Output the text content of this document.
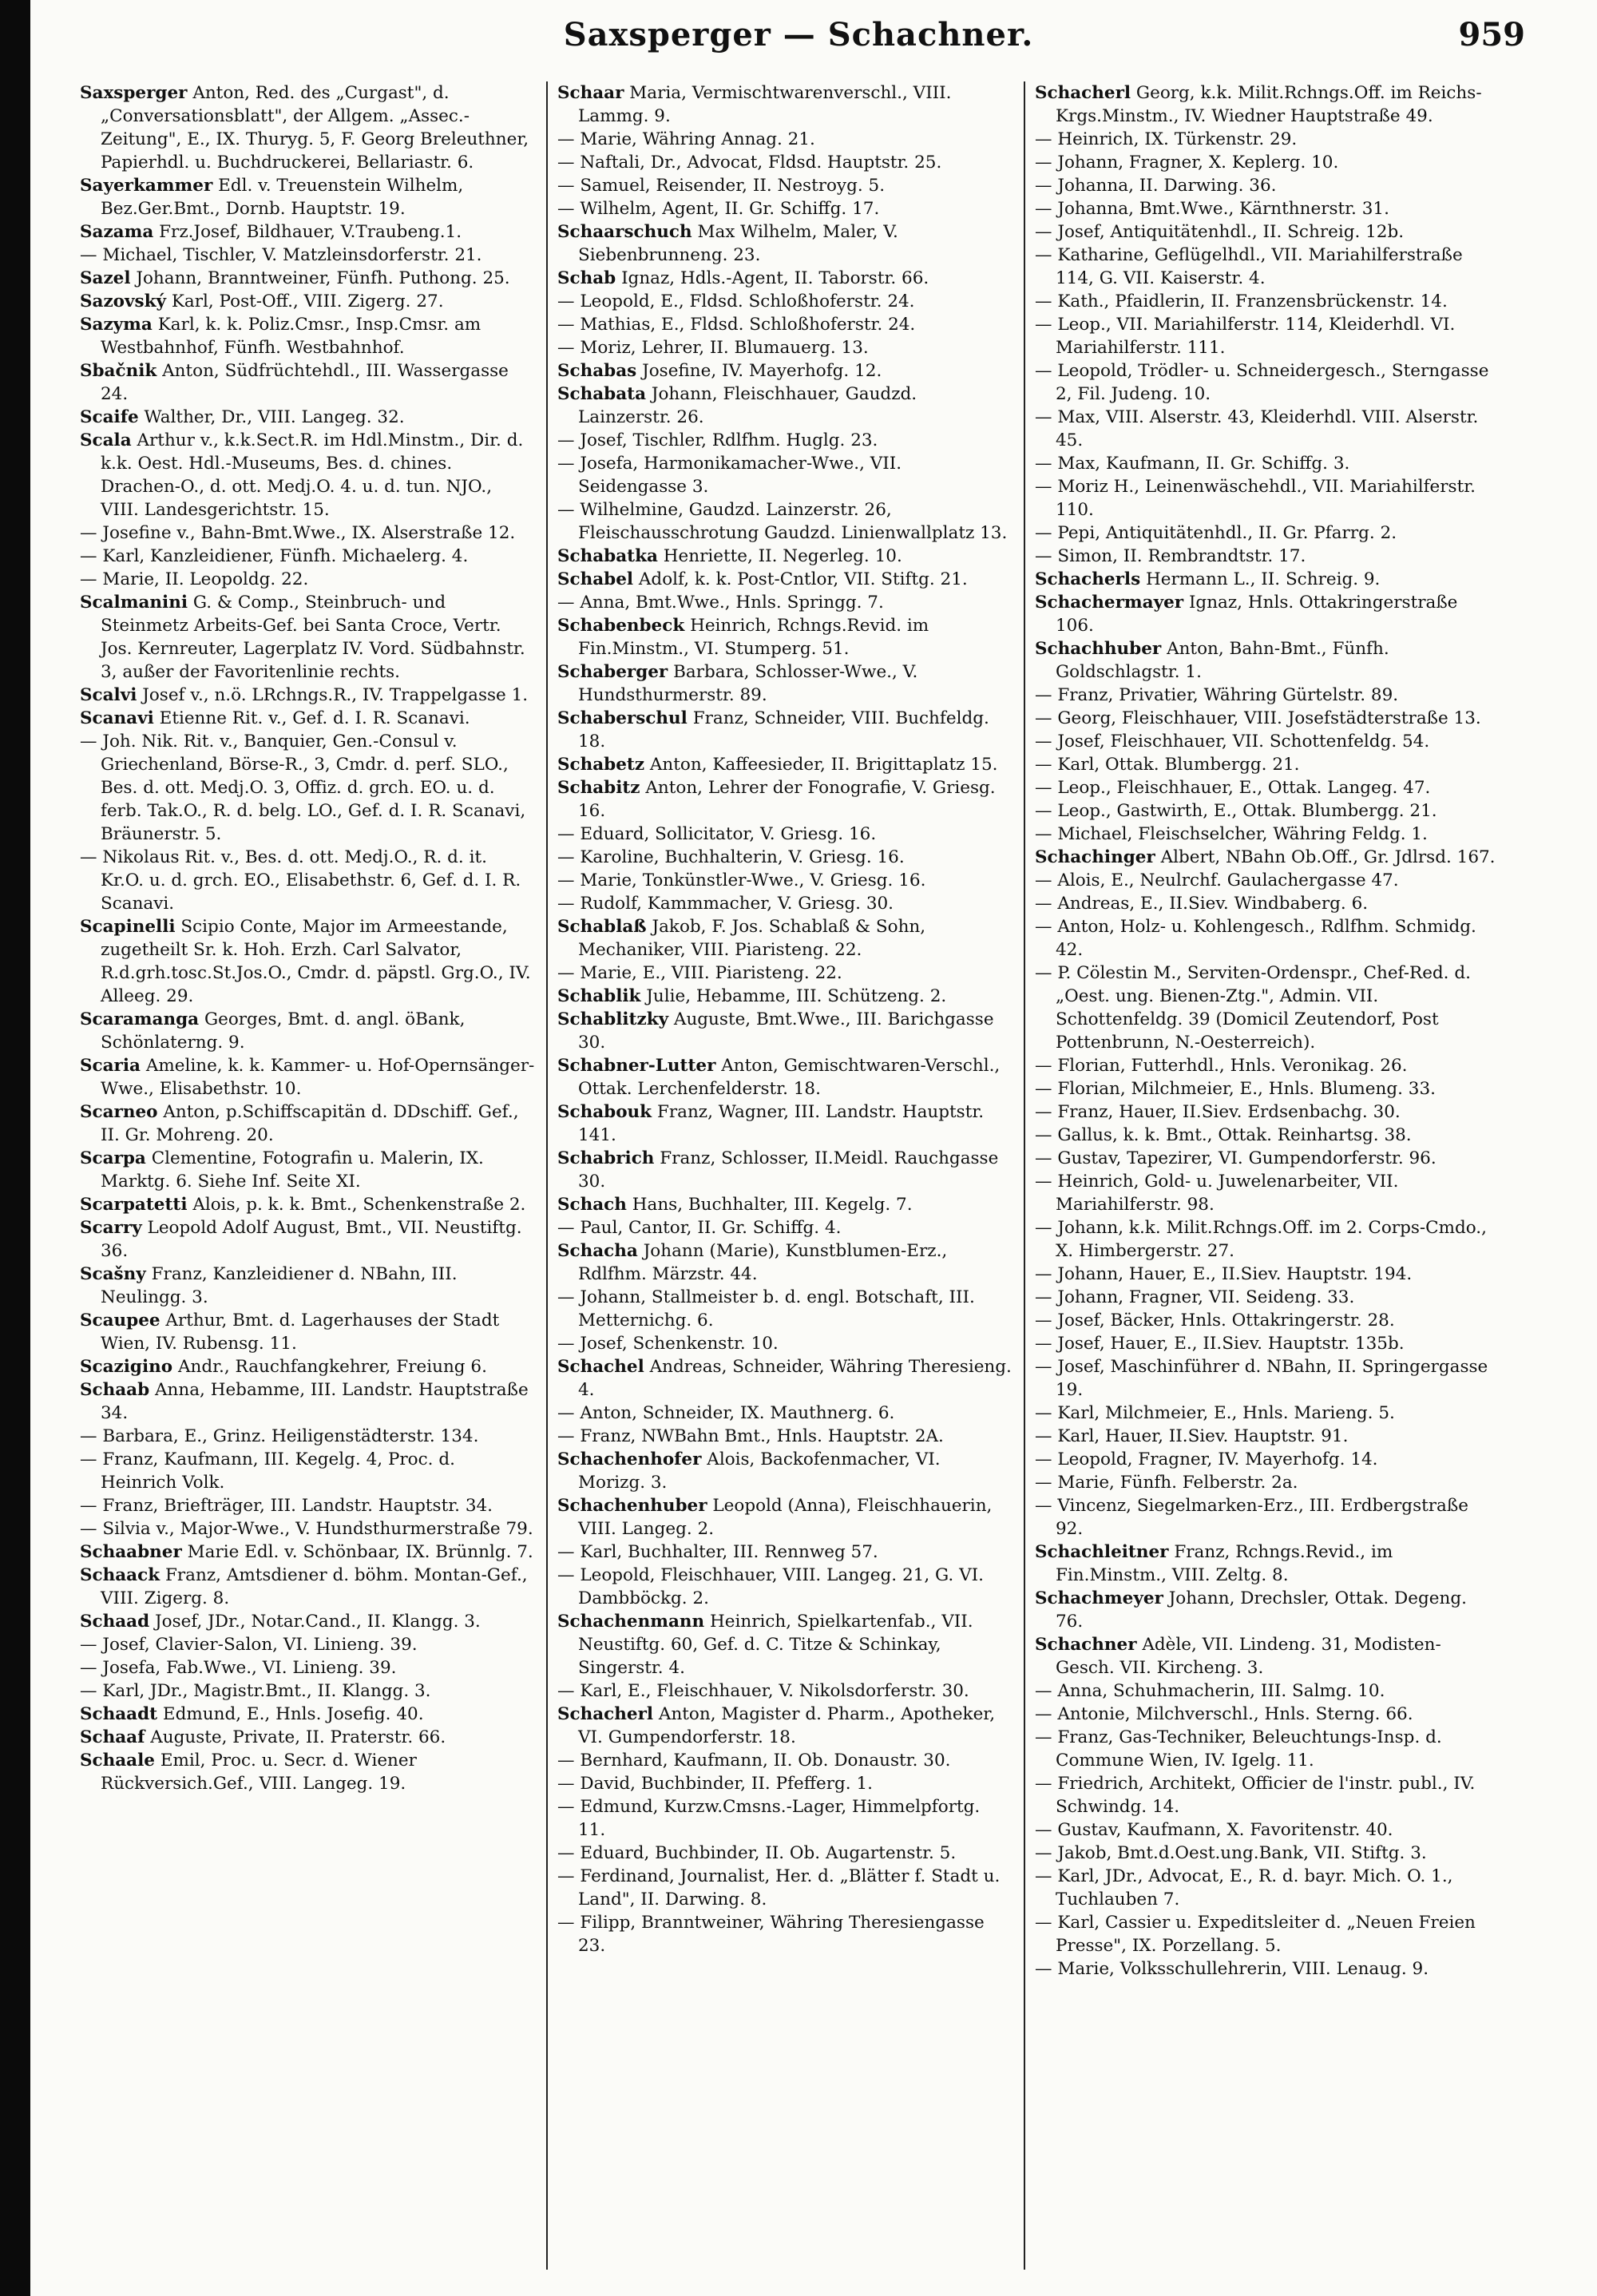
Saxsperger — Schachner.	959

Saxsperger Anton, Red. des „Curgast", d. „Conversationsblatt", der Allgem. „Assec.-Zeitung", E., IX. Thuryg. 5, F. Georg Breleuthner, Papierhdl. u. Buchdruckerei, Bellariastr. 6.

Sayerkammer Edl. v. Treuenstein Wilhelm, Bez.Ger.Bmt., Dornb. Hauptstr. 19.

Sazama Frz.Josef, Bildhauer, V.Traubeng.1.

— Michael, Tischler, V. Matzleinsdorferstr. 21.

Sazel Johann, Branntweiner, Fünfh. Puthong. 25.

Sazovský Karl, Post-Off., VIII. Zigerg. 27.

Sazyma Karl, k. k. Poliz.Cmsr., Insp.Cmsr. am Westbahnhof, Fünfh. Westbahnhof.

Sbačnik Anton, Südfrüchtehdl., III. Wassergasse 24.

Scaife Walther, Dr., VIII. Langeg. 32.

Scala Arthur v., k.k.Sect.R. im Hdl.Minstm., Dir. d. k.k. Oest. Hdl.-Museums, Bes. d. chines. Drachen-O., d. ott. Medj.O. 4. u. d. tun. NJO., VIII. Landesgerichtstr. 15.

— Josefine v., Bahn-Bmt.Wwe., IX. Alserstraße 12.

— Karl, Kanzleidiener, Fünfh. Michaelerg. 4.

— Marie, II. Leopoldg. 22.

Scalmanini G. & Comp., Steinbruch- und Steinmetz Arbeits-Gef. bei Santa Croce, Vertr. Jos. Kernreuter, Lagerplatz IV. Vord. Südbahnstr. 3, außer der Favoritenlinie rechts.

Scalvi Josef v., n.ö. LRchngs.R., IV. Trappelgasse 1.

Scanavi Etienne Rit. v., Gef. d. I. R. Scanavi.

— Joh. Nik. Rit. v., Banquier, Gen.-Consul v. Griechenland, Börse-R., 3, Cmdr. d. perf. SLO., Bes. d. ott. Medj.O. 3, Offiz. d. grch. EO. u. d. ferb. Tak.O., R. d. belg. LO., Gef. d. I. R. Scanavi, Bräunerstr. 5.

— Nikolaus Rit. v., Bes. d. ott. Medj.O., R. d. it. Kr.O. u. d. grch. EO., Elisabethstr. 6, Gef. d. I. R. Scanavi.

Scapinelli Scipio Conte, Major im Armeestande, zugetheilt Sr. k. Hoh. Erzh. Carl Salvator, R.d.grh.tosc.St.Jos.O., Cmdr. d. päpstl. Grg.O., IV. Alleeg. 29.

Scaramanga Georges, Bmt. d. angl. öBank, Schönlaterng. 9.

Scaria Ameline, k. k. Kammer- u. Hof-Opernsänger-Wwe., Elisabethstr. 10.

Scarneo Anton, p.Schiffscapitän d. DDschiff. Gef., II. Gr. Mohreng. 20.

Scarpa Clementine, Fotografin u. Malerin, IX. Marktg. 6. Siehe Inf. Seite XI.

Scarpatetti Alois, p. k. k. Bmt., Schenkenstraße 2.

Scarry Leopold Adolf August, Bmt., VII. Neustiftg. 36.

Scašny Franz, Kanzleidiener d. NBahn, III. Neulingg. 3.

Scaupee Arthur, Bmt. d. Lagerhauses der Stadt Wien, IV. Rubensg. 11.

Scazigino Andr., Rauchfangkehrer, Freiung 6.

Schaab Anna, Hebamme, III. Landstr. Hauptstraße 34.

— Barbara, E., Grinz. Heiligenstädterstr. 134.

— Franz, Kaufmann, III. Kegelg. 4, Proc. d. Heinrich Volk.

— Franz, Briefträger, III. Landstr. Hauptstr. 34.

— Silvia v., Major-Wwe., V. Hundsthurmerstraße 79.

Schaabner Marie Edl. v. Schönbaar, IX. Brünnlg. 7.

Schaack Franz, Amtsdiener d. böhm. Montan-Gef., VIII. Zigerg. 8.

Schaad Josef, JDr., Notar.Cand., II. Klangg. 3.

— Josef, Clavier-Salon, VI. Linieng. 39.

— Josefa, Fab.Wwe., VI. Linieng. 39.

— Karl, JDr., Magistr.Bmt., II. Klangg. 3.

Schaadt Edmund, E., Hnls. Josefig. 40.

Schaaf Auguste, Private, II. Praterstr. 66.

Schaale Emil, Proc. u. Secr. d. Wiener Rückversich.Gef., VIII. Langeg. 19.

Schaar Maria, Vermischtwarenverschl., VIII. Lammg. 9.

— Marie, Währing Annag. 21.

— Naftali, Dr., Advocat, Fldsd. Hauptstr. 25.

— Samuel, Reisender, II. Nestroyg. 5.

— Wilhelm, Agent, II. Gr. Schiffg. 17.

Schaarschuch Max Wilhelm, Maler, V. Siebenbrunneng. 23.

Schab Ignaz, Hdls.-Agent, II. Taborstr. 66.

— Leopold, E., Fldsd. Schloßhoferstr. 24.

— Mathias, E., Fldsd. Schloßhoferstr. 24.

— Moriz, Lehrer, II. Blumauerg. 13.

Schabas Josefine, IV. Mayerhofg. 12.

Schabata Johann, Fleischhauer, Gaudzd. Lainzerstr. 26.

— Josef, Tischler, Rdlfhm. Huglg. 23.

— Josefa, Harmonikamacher-Wwe., VII. Seidengasse 3.

— Wilhelmine, Gaudzd. Lainzerstr. 26, Fleischausschrotung Gaudzd. Linienwallplatz 13.

Schabatka Henriette, II. Negerleg. 10.

Schabel Adolf, k. k. Post-Cntlor, VII. Stiftg. 21.

— Anna, Bmt.Wwe., Hnls. Springg. 7.

Schabenbeck Heinrich, Rchngs.Revid. im Fin.Minstm., VI. Stumperg. 51.

Schaberger Barbara, Schlosser-Wwe., V. Hundsthurmerstr. 89.

Schaberschul Franz, Schneider, VIII. Buchfeldg. 18.

Schabetz Anton, Kaffeesieder, II. Brigittaplatz 15.

Schabitz Anton, Lehrer der Fonografie, V. Griesg. 16.

— Eduard, Sollicitator, V. Griesg. 16.

— Karoline, Buchhalterin, V. Griesg. 16.

— Marie, Tonkünstler-Wwe., V. Griesg. 16.

— Rudolf, Kammmacher, V. Griesg. 30.

Schablaß Jakob, F. Jos. Schablaß & Sohn, Mechaniker, VIII. Piaristeng. 22.

— Marie, E., VIII. Piaristeng. 22.

Schablik Julie, Hebamme, III. Schützeng. 2.

Schablitzky Auguste, Bmt.Wwe., III. Barichgasse 30.

Schabner-Lutter Anton, Gemischtwaren-Verschl., Ottak. Lerchenfelderstr. 18.

Schabouk Franz, Wagner, III. Landstr. Hauptstr. 141.

Schabrich Franz, Schlosser, II.Meidl. Rauchgasse 30.

Schach Hans, Buchhalter, III. Kegelg. 7.

— Paul, Cantor, II. Gr. Schiffg. 4.

Schacha Johann (Marie), Kunstblumen-Erz., Rdlfhm. Märzstr. 44.

— Johann, Stallmeister b. d. engl. Botschaft, III. Metternichg. 6.

— Josef, Schenkenstr. 10.

Schachel Andreas, Schneider, Währing Theresieng. 4.

— Anton, Schneider, IX. Mauthnerg. 6.

— Franz, NWBahn Bmt., Hnls. Hauptstr. 2A.

Schachenhofer Alois, Backofenmacher, VI. Morizg. 3.

Schachenhuber Leopold (Anna), Fleischhauerin, VIII. Langeg. 2.

— Karl, Buchhalter, III. Rennweg 57.

— Leopold, Fleischhauer, VIII. Langeg. 21, G. VI. Dambböckg. 2.

Schachenmann Heinrich, Spielkartenfab., VII. Neustiftg. 60, Gef. d. C. Titze & Schinkay, Singerstr. 4.

— Karl, E., Fleischhauer, V. Nikolsdorferstr. 30.

Schacherl Anton, Magister d. Pharm., Apotheker, VI. Gumpendorferstr. 18.

— Bernhard, Kaufmann, II. Ob. Donaustr. 30.

— David, Buchbinder, II. Pfefferg. 1.

— Edmund, Kurzw.Cmsns.-Lager, Himmelpfortg. 11.

— Eduard, Buchbinder, II. Ob. Augartenstr. 5.

— Ferdinand, Journalist, Her. d. „Blätter f. Stadt u. Land", II. Darwing. 8.

— Filipp, Branntweiner, Währing Theresiengasse 23.

Schacherl Georg, k.k. Milit.Rchngs.Off. im Reichs-Krgs.Minstm., IV. Wiedner Hauptstraße 49.

— Heinrich, IX. Türkenstr. 29.

— Johann, Fragner, X. Keplerg. 10.

— Johanna, II. Darwing. 36.

— Johanna, Bmt.Wwe., Kärnthnerstr. 31.

— Josef, Antiquitätenhdl., II. Schreig. 12b.

— Katharine, Geflügelhdl., VII. Mariahilferstraße 114, G. VII. Kaiserstr. 4.

— Kath., Pfaidlerin, II. Franzensbrückenstr. 14.

— Leop., VII. Mariahilferstr. 114, Kleiderhdl. VI. Mariahilferstr. 111.

— Leopold, Trödler- u. Schneidergesch., Sterngasse 2, Fil. Judeng. 10.

— Max, VIII. Alserstr. 43, Kleiderhdl. VIII. Alserstr. 45.

— Max, Kaufmann, II. Gr. Schiffg. 3.

— Moriz H., Leinenwäschehdl., VII. Mariahilferstr. 110.

— Pepi, Antiquitätenhdl., II. Gr. Pfarrg. 2.

— Simon, II. Rembrandtstr. 17.

Schacherls Hermann L., II. Schreig. 9.

Schachermayer Ignaz, Hnls. Ottakringerstraße 106.

Schachhuber Anton, Bahn-Bmt., Fünfh. Goldschlagstr. 1.

— Franz, Privatier, Währing Gürtelstr. 89.

— Georg, Fleischhauer, VIII. Josefstädterstraße 13.

— Josef, Fleischhauer, VII. Schottenfeldg. 54.

— Karl, Ottak. Blumbergg. 21.

— Leop., Fleischhauer, E., Ottak. Langeg. 47.

— Leop., Gastwirth, E., Ottak. Blumbergg. 21.

— Michael, Fleischselcher, Währing Feldg. 1.

Schachinger Albert, NBahn Ob.Off., Gr. Jdlrsd. 167.

— Alois, E., Neulrchf. Gaulachergasse 47.

— Andreas, E., II.Siev. Windbaberg. 6.

— Anton, Holz- u. Kohlengesch., Rdlfhm. Schmidg. 42.

— P. Cölestin M., Serviten-Ordenspr., Chef-Red. d. „Oest. ung. Bienen-Ztg.", Admin. VII. Schottenfeldg. 39 (Domicil Zeutendorf, Post Pottenbrunn, N.-Oesterreich).

— Florian, Futterhdl., Hnls. Veronikag. 26.

— Florian, Milchmeier, E., Hnls. Blumeng. 33.

— Franz, Hauer, II.Siev. Erdsenbachg. 30.

— Gallus, k. k. Bmt., Ottak. Reinhartsg. 38.

— Gustav, Tapezirer, VI. Gumpendorferstr. 96.

— Heinrich, Gold- u. Juwelenarbeiter, VII. Mariahilferstr. 98.

— Johann, k.k. Milit.Rchngs.Off. im 2. Corps-Cmdo., X. Himbergerstr. 27.

— Johann, Hauer, E., II.Siev. Hauptstr. 194.

— Johann, Fragner, VII. Seideng. 33.

— Josef, Bäcker, Hnls. Ottakringerstr. 28.

— Josef, Hauer, E., II.Siev. Hauptstr. 135b.

— Josef, Maschinführer d. NBahn, II. Springergasse 19.

— Karl, Milchmeier, E., Hnls. Marieng. 5.

— Karl, Hauer, II.Siev. Hauptstr. 91.

— Leopold, Fragner, IV. Mayerhofg. 14.

— Marie, Fünfh. Felberstr. 2a.

— Vincenz, Siegelmarken-Erz., III. Erdbergstraße 92.

Schachleitner Franz, Rchngs.Revid., im Fin.Minstm., VIII. Zeltg. 8.

Schachmeyer Johann, Drechsler, Ottak. Degeng. 76.

Schachner Adèle, VII. Lindeng. 31, Modisten-Gesch. VII. Kircheng. 3.

— Anna, Schuhmacherin, III. Salmg. 10.

— Antonie, Milchverschl., Hnls. Sterng. 66.

— Franz, Gas-Techniker, Beleuchtungs-Insp. d. Commune Wien, IV. Igelg. 11.

— Friedrich, Architekt, Officier de l'instr. publ., IV. Schwindg. 14.

— Gustav, Kaufmann, X. Favoritenstr. 40.

— Jakob, Bmt.d.Oest.ung.Bank, VII. Stiftg. 3.

— Karl, JDr., Advocat, E., R. d. bayr. Mich. O. 1., Tuchlauben 7.

— Karl, Cassier u. Expeditsleiter d. „Neuen Freien Presse", IX. Porzellang. 5.

— Marie, Volksschullehrerin, VIII. Lenaug. 9.
